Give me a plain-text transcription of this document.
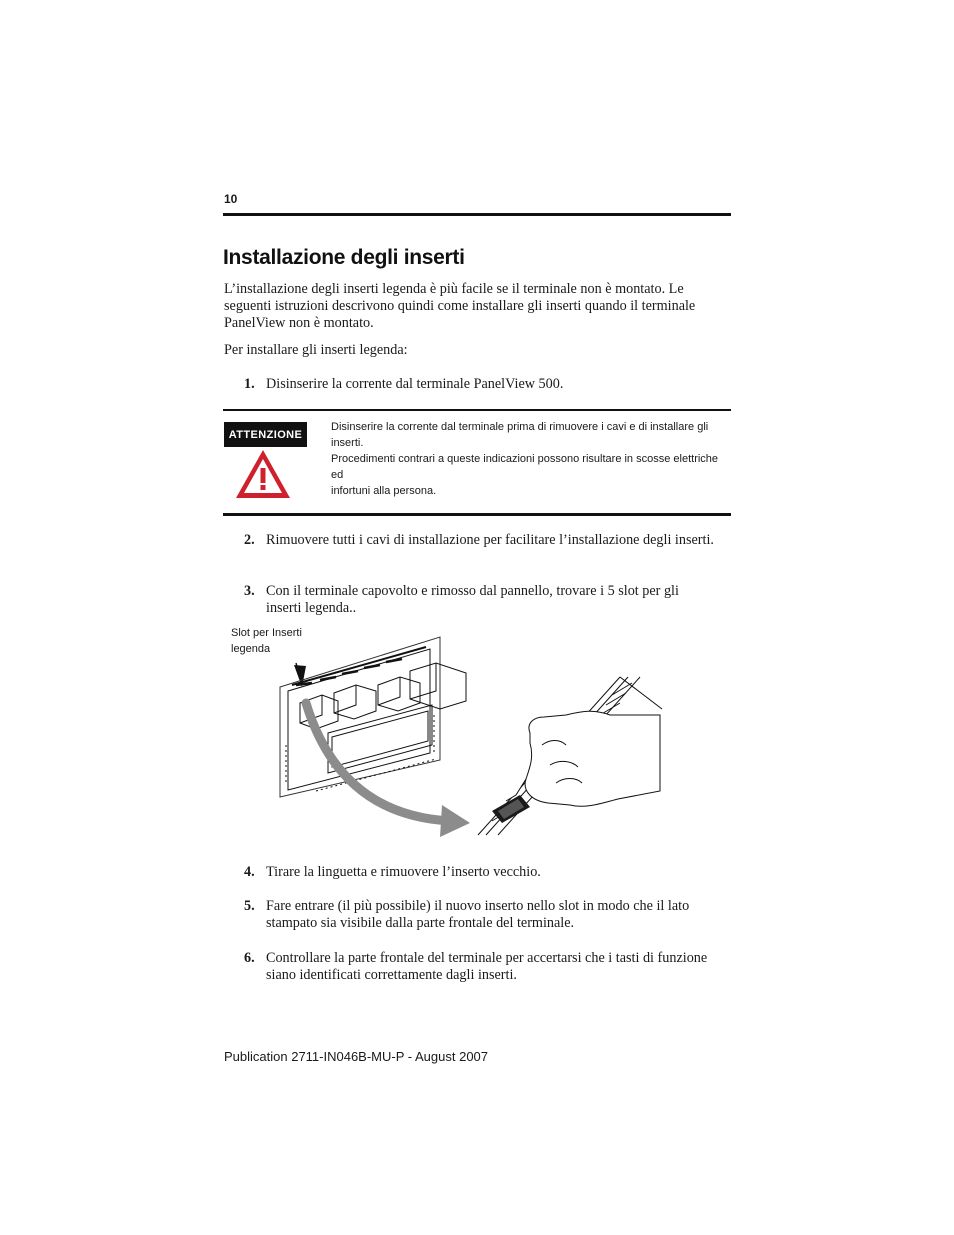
10
Installazione degli inserti
L’installazione degli inserti legenda è più facile se il terminale non è montato. Le seguenti istruzioni descrivono quindi come installare gli inserti quando il terminale PanelView non è montato.
Per installare gli inserti legenda:
1. Disinserire la corrente dal terminale PanelView 500.
ATTENZIONE
Disinserire la corrente dal terminale prima di rimuovere i cavi e di installare gli inserti.
Procedimenti contrari a queste indicazioni possono risultare in scosse elettriche ed
infortuni alla persona.
2. Rimuovere tutti i cavi di installazione per facilitare l’installazione degli inserti.
3. Con il terminale capovolto e rimosso dal pannello, trovare i 5 slot per gli inserti legenda..
Slot per Inserti
legenda
4. Tirare la linguetta e rimuovere l’inserto vecchio.
5. Fare entrare (il più possibile) il nuovo inserto nello slot in modo che il lato stampato sia visibile dalla parte frontale del terminale.
6. Controllare la parte frontale del terminale per accertarsi che i tasti di funzione siano identificati correttamente dagli inserti.
Publication 2711-IN046B-MU-P - August 2007
